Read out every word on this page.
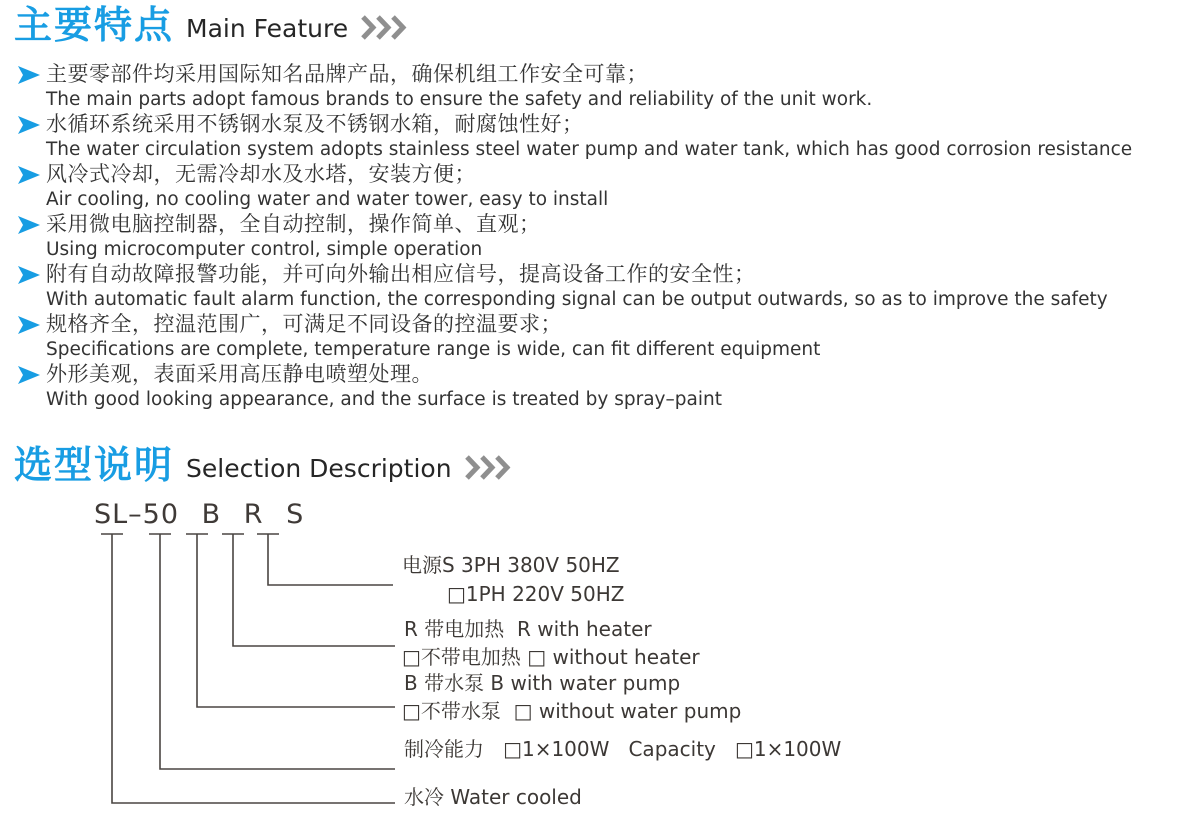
主要特点 Main Feature
主要零部件均采用国际知名品牌产品，确保机组工作安全可靠；
The main parts adopt famous brands to ensure the safety and reliability of the unit work.
水循环系统采用不锈钢水泵及不锈钢水箱，耐腐蚀性好；
The water circulation system adopts stainless steel water pump and water tank, which has good corrosion resistance
风冷式冷却，无需冷却水及水塔，安装方便；
Air cooling, no cooling water and water tower, easy to install
采用微电脑控制器，全自动控制，操作简单、直观；
Using microcomputer control, simple operation
附有自动故障报警功能，并可向外输出相应信号，提高设备工作的安全性；
With automatic fault alarm function, the corresponding signal can be output outwards, so as to improve the safety
规格齐全，控温范围广，可满足不同设备的控温要求；
Specifications are complete, temperature range is wide, can fit different equipment
外形美观，表面采用高压静电喷塑处理。
With good looking appearance, and the surface is treated by spray–paint
选型说明 Selection Description
SL–50 B R S
电源S 3PH 380V 50HZ
□1PH 220V 50HZ
R 带电加热  R with heater
□不带电加热 □ without heater
B 带水泵 B with water pump
□不带水泵  □ without water pump
制冷能力   □1×100W   Capacity   □1×100W
水冷 Water cooled
